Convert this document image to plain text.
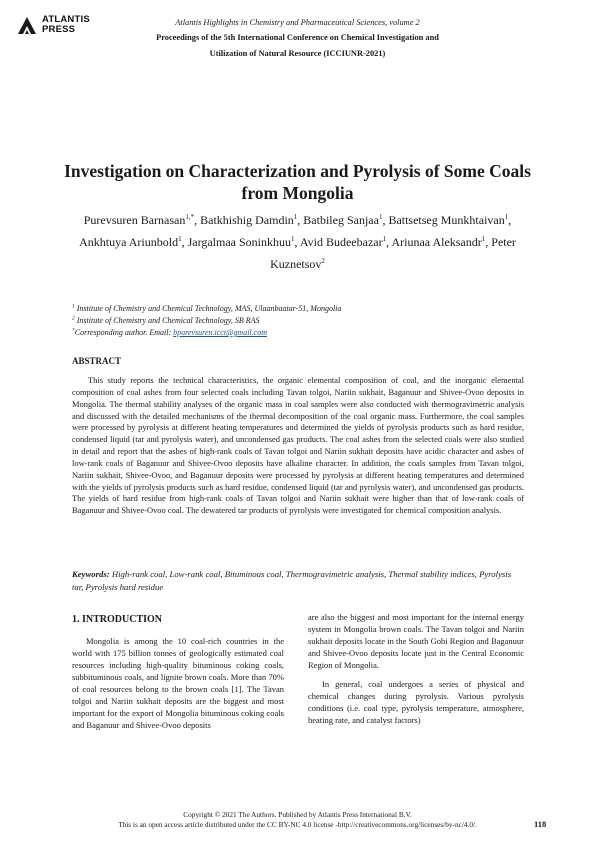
ATLANTIS
PRESS
Atlantis Highlights in Chemistry and Pharmaceutical Sciences, volume 2
Proceedings of the 5th International Conference on Chemical Investigation and
Utilization of Natural Resource (ICCIUNR-2021)
Investigation on Characterization and Pyrolysis of Some Coals from Mongolia
Purevsuren Barnasan$^{1,*}$, Batkhishig Damdin$^1$, Batbileg Sanjaa$^1$, Battsetseg Munkhtaivan$^1$, Ankhtuya Ariunbold$^1$, Jargalmaa Soninkhuu$^1$, Avid Budeebazar$^1$, Ariunaa Aleksandr$^1$, Peter Kuznetsov$^2$
$^1$ Institute of Chemistry and Chemical Technology, MAS, Ulaanbaatar-51, Mongolia
$^2$ Institute of Chemistry and Chemical Technology, SB RAS
*Corresponding author. Email: bpurevsuren.icct@gmail.com
ABSTRACT
This study reports the technical characteristics, the organic elemental composition of coal, and the inorganic elemental composition of coal ashes from four selected coals including Tavan tolgoi, Nariin sukhait, Baganuur and Shivee-Ovoo deposits in Mongolia. The thermal stability analyses of the organic mass in coal samples were also conducted with thermogravimetric analysis and discussed with the detailed mechanisms of the thermal decomposition of the coal organic mass. Furthermore, the coal samples were processed by pyrolysis at different heating temperatures and determined the yields of pyrolysis products such as hard residue, condensed liquid (tar and pyrolysis water), and uncondensed gas products. The coal ashes from the selected coals were also studied in detail and report that the ashes of high-rank coals of Tavan tolgoi and Nariin sukhait deposits have acidic character and ashes of low-rank coals of Baganuur and Shivee-Ovoo deposits have alkaline character. In addition, the coals samples from Tavan tolgoi, Nariin sukhait, Shivee-Ovoo, and Baganuur deposits were processed by pyrolysis at different heating temperatures and determined with the yields of pyrolysis products such as hard residue, condensed liquid (tar and pyrolysis water), and uncondensed gas products. The yields of hard residue from high-rank coals of Tavan tolgoi and Nariin sukhait were higher than that of low-rank coals of Baganuur and Shivee-Ovoo coal. The dewatered tar products of pyrolysis were investigated for chemical composition analysis.
Keywords: High-rank coal, Low-rank coal, Bituminous coal, Thermogravimetric analysis, Thermal stability indices, Pyrolysis tar, Pyrolysis hard residue
1. INTRODUCTION

Mongolia is among the 10 coal-rich countries in the world with 175 billion tonnes of geologically estimated coal resources including high-quality bituminous coking coals, subbituminous coals, and lignite brown coals. More than 70% of coal resources belong to the brown coals [1]. The Tavan tolgoi and Nariin sukhait deposits are the biggest and most important for the export of Mongolia bituminous coking coals and Baganuur and Shivee-Ovoo deposits

are also the biggest and most important for the internal energy system in Mongolia brown coals. The Tavan tolgoi and Nariin sukhait deposits locate in the South Gobi Region and Baganuur and Shivee-Ovoo deposits locate just in the Central Economic Region of Mongolia.

In general, coal undergoes a series of physical and chemical changes during pyrolysis. Various pyrolysis conditions (i.e. coal type, pyrolysis temperature, atmosphere, heating rate, and catalyst factors)

Copyright © 2021 The Authors. Published by Atlantis Press International B.V.
This is an open access article distributed under the CC BY-NC 4.0 license -http://creativecommons.org/licenses/by-nc/4.0/.	118
